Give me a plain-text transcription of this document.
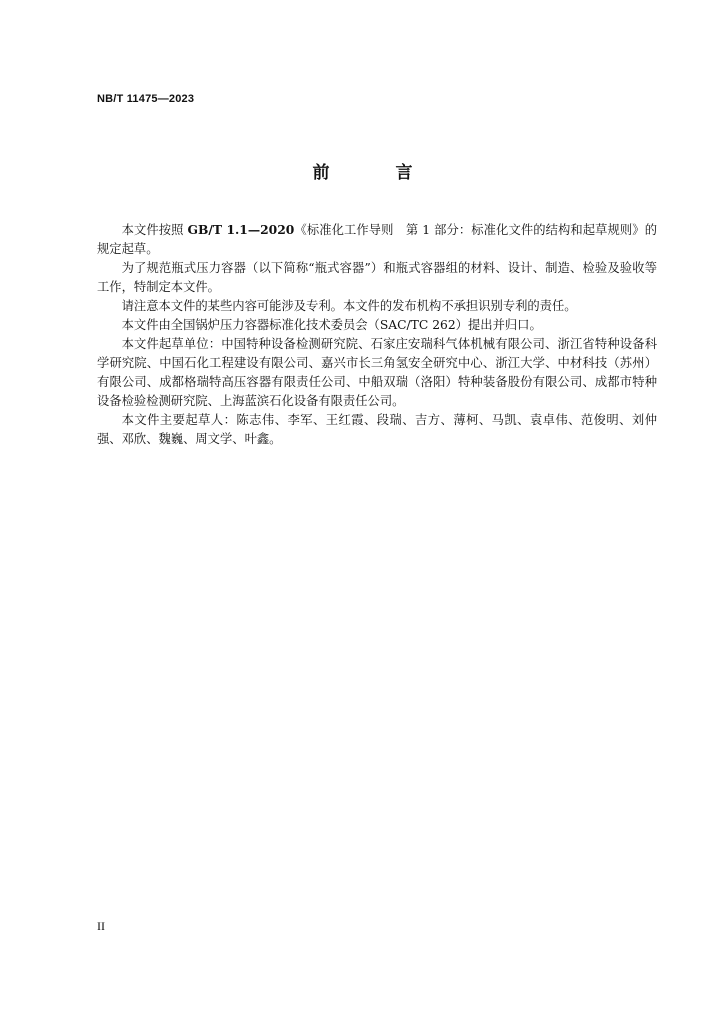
NB/T 11475—2023
前 言

本文件按照 GB/T 1.1—2020《标准化工作导则　第 1 部分：标准化文件的结构和起草规则》的规定起草。

为了规范瓶式压力容器（以下简称“瓶式容器”）和瓶式容器组的材料、设计、制造、检验及验收等工作，特制定本文件。

请注意本文件的某些内容可能涉及专利。本文件的发布机构不承担识别专利的责任。

本文件由全国锅炉压力容器标准化技术委员会（SAC/TC 262）提出并归口。

本文件起草单位：中国特种设备检测研究院、石家庄安瑞科气体机械有限公司、浙江省特种设备科学研究院、中国石化工程建设有限公司、嘉兴市长三角氢安全研究中心、浙江大学、中材科技（苏州）有限公司、成都格瑞特高压容器有限责任公司、中船双瑞（洛阳）特种装备股份有限公司、成都市特种设备检验检测研究院、上海蓝滨石化设备有限责任公司。

本文件主要起草人：陈志伟、李军、王红霞、段瑞、吉方、薄柯、马凯、袁卓伟、范俊明、刘仲强、邓欣、魏巍、周文学、叶鑫。

II
